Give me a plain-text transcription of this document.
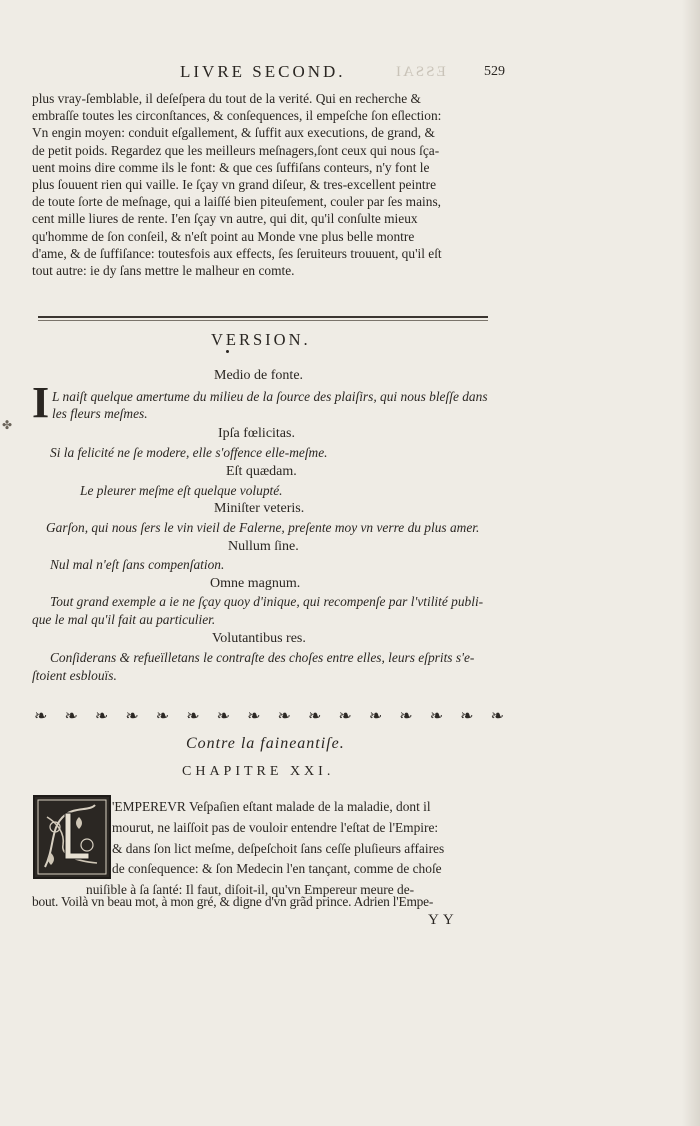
LIVRE SECOND.	ESSAI	529
plus vray-ſemblable, il deſeſpera du tout de la verité. Qui en recherche &
embraſſe toutes les circonſtances, & conſequences, il empeſche ſon eſlection:
Vn engin moyen: conduit eſgallement, & ſuffit aux executions, de grand, &
de petit poids. Regardez que les meilleurs meſnagers,ſont ceux qui nous ſça-
uent moins dire comme ils le font: & que ces ſuffiſans conteurs, n'y font le
plus ſouuent rien qui vaille. Ie ſçay vn grand diſeur, & tres-excellent peintre
de toute ſorte de meſnage, qui a laiſſé bien piteuſement, couler par ſes mains,
cent mille liures de rente. I'en ſçay vn autre, qui dit, qu'il conſulte mieux
qu'homme de ſon conſeil, & n'eſt point au Monde vne plus belle montre
d'ame, & de ſuffiſance: toutesfois aux effects, ſes ſeruiteurs trouuent, qu'il eſt
tout autre: ie dy ſans mettre le malheur en comte.
VERSION.
Medio de fonte.
I L naiſt quelque amertume du milieu de la ſource des plaiſirs, qui nous bleſſe dans
les fleurs meſmes.
✤
Ipſa fœlicitas.
Si la felicité ne ſe modere, elle s'offence elle-meſme.
Eſt quædam.
Le pleurer meſme eſt quelque volupté.
Miniſter veteris.
Garſon, qui nous ſers le vin vieil de Falerne, preſente moy vn verre du plus amer.
Nullum ſine.
Nul mal n'eſt ſans compenſation.
Omne magnum.
Tout grand exemple a ie ne ſçay quoy d'inique, qui recompenſe par l'vtilité publi-
que le mal qu'il fait au particulier.
Volutantibus res.
Conſiderans & refueïlletans le contraſte des choſes entre elles, leurs eſprits s'e-
ſtoient esblouïs.
❧ ❧ ❧ ❧ ❧ ❧ ❧ ❧ ❧ ❧ ❧ ❧ ❧ ❧ ❧ ❧
Contre la faineantiſe.
CHAPITRE XXI.
'EMPEREVR Veſpaſien eſtant malade de la maladie, dont il
mourut, ne laiſſoit pas de vouloir entendre l'eſtat de l'Empire:
& dans ſon lict meſme, deſpeſchoit ſans ceſſe pluſieurs affaires
de conſequence: & ſon Medecin l'en tançant, comme de choſe
nuiſible à ſa ſanté: Il faut, diſoit-il, qu'vn Empereur meure de-
bout. Voilà vn beau mot, à mon gré, & digne d'vn grãd prince. Adrien l'Empe-
YY
